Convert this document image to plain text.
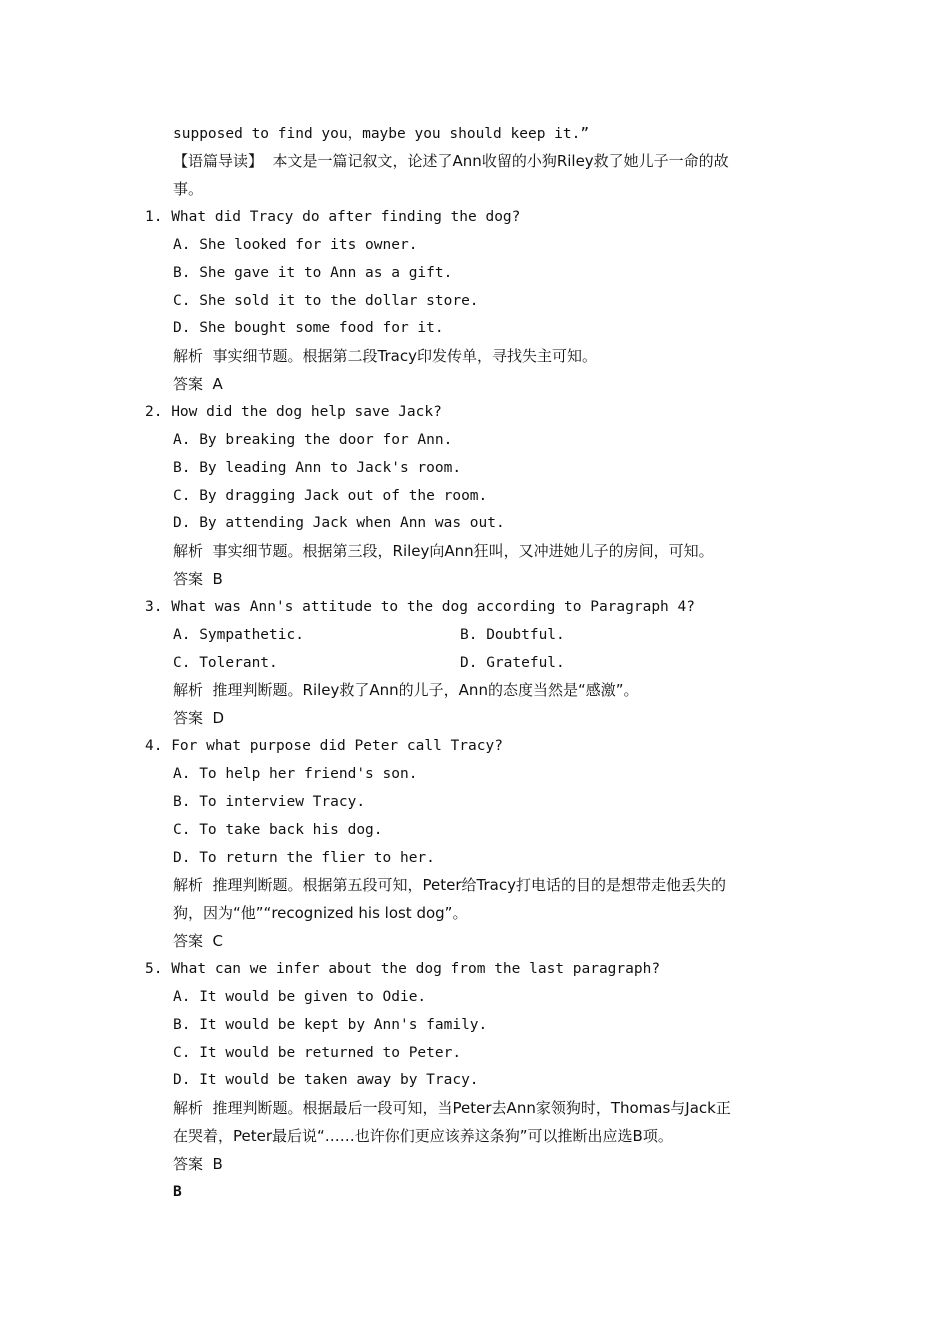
supposed to find you，maybe you should keep it.”
【语篇导读】  本文是一篇记叙文，论述了Ann收留的小狗Riley救了她儿子一命的故
事。
1. What did Tracy do after finding the dog?
A. She looked for its owner.
B. She gave it to Ann as a gift.
C. She sold it to the dollar store.
D. She bought some food for it.
解析  事实细节题。根据第二段Tracy印发传单，寻找失主可知。
答案  A
2. How did the dog help save Jack?
A. By breaking the door for Ann.
B. By leading Ann to Jack's room.
C. By dragging Jack out of the room.
D. By attending Jack when Ann was out.
解析  事实细节题。根据第三段，Riley向Ann狂叫，又冲进她儿子的房间，可知。
答案  B
3. What was Ann's attitude to the dog according to Paragraph 4?
A. Sympathetic.	B. Doubtful.
C. Tolerant.	D. Grateful.
解析  推理判断题。Riley救了Ann的儿子，Ann的态度当然是“感激”。
答案  D
4. For what purpose did Peter call Tracy?
A. To help her friend's son.
B. To interview Tracy.
C. To take back his dog.
D. To return the flier to her.
解析  推理判断题。根据第五段可知，Peter给Tracy打电话的目的是想带走他丢失的
狗，因为“他”“recognized his lost dog”。
答案  C
5. What can we infer about the dog from the last paragraph?
A. It would be given to Odie.
B. It would be kept by Ann's family.
C. It would be returned to Peter.
D. It would be taken away by Tracy.
解析  推理判断题。根据最后一段可知，当Peter去Ann家领狗时，Thomas与Jack正
在哭着，Peter最后说“……也许你们更应该养这条狗”可以推断出应选B项。
答案  B
B
